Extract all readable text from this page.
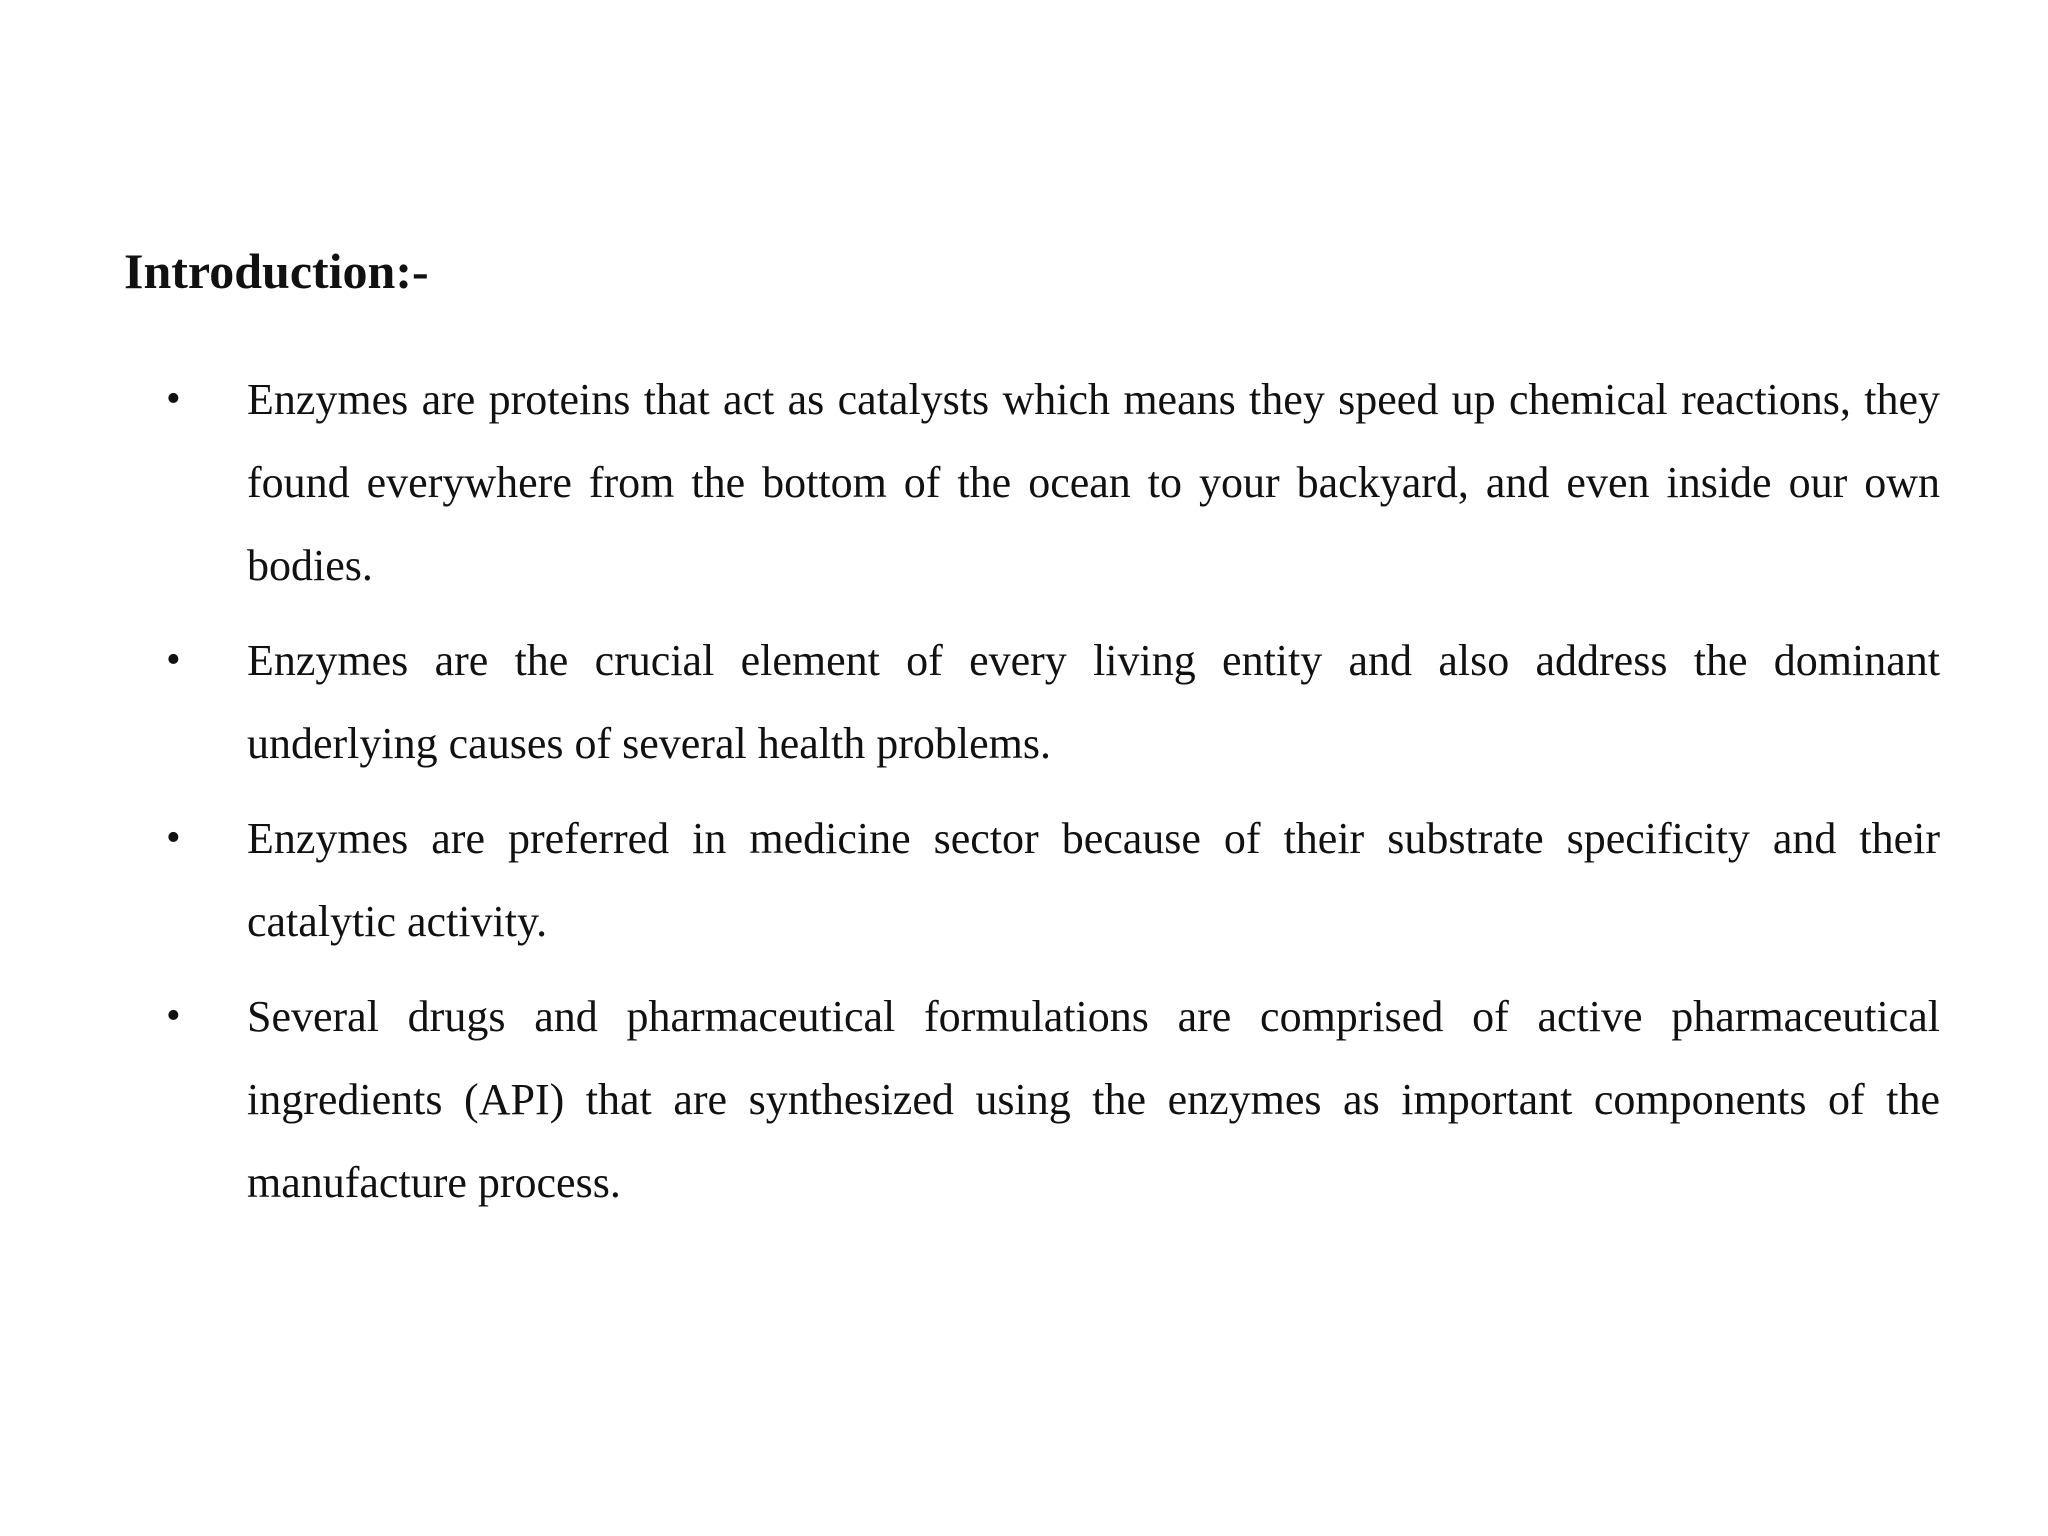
Introduction:-
• Enzymes are proteins that act as catalysts which means they speed up chemical reactions, they found everywhere from the bottom of the ocean to your backyard, and even inside our own bodies.
• Enzymes are the crucial element of every living entity and also address the dominant underlying causes of several health problems.
• Enzymes are preferred in medicine sector because of their substrate specificity and their catalytic activity.
• Several drugs and pharmaceutical formulations are comprised of active pharmaceutical ingredients (API) that are synthesized using the enzymes as important components of the manufacture process.
